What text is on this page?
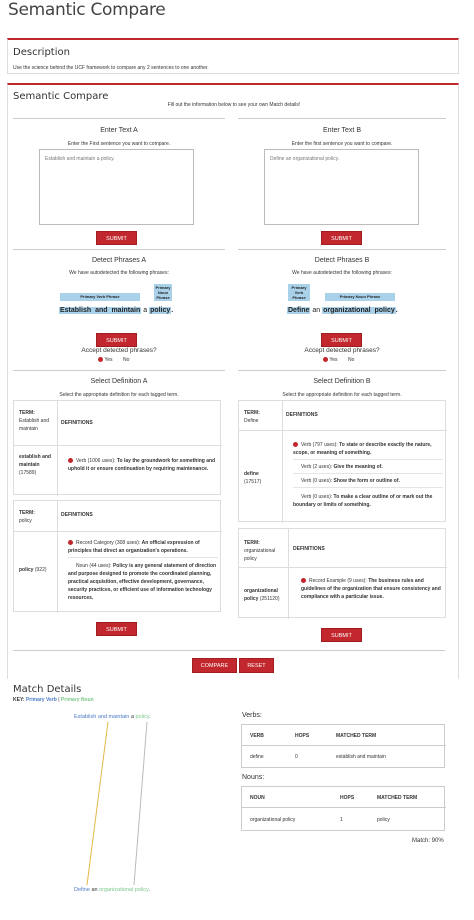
Semantic Compare
Description
Use the science behind the UCF framework to compare any 2 sentences to one another.
Semantic Compare
Fill out the information below to see your own Match details!
Enter Text A
Enter the First sentence you want to compare.
Establish and maintain a policy.
SUBMIT
Enter Text B
Enter the first sentence you want to compare.
Define an organizational policy.
SUBMIT
Detect Phrases A
We have autodetected the following phrases:
Primary Verb Phrase
Primary Noun Phrase
Establish and maintain a policy.
SUBMIT
Accept detected phrases?
Yes No
Detect Phrases B
We have autodetected the following phrases:
Primary Verb Phrase	Primary Noun Phrase
Define an organizational policy.
SUBMIT
Accept detected phrases?
Yes No
Select Definition A
Select the appropriate definition for each tagged term.
TERM:
Establish and maintain
DEFINITIONS
establish and maintain
(17589)
Verb (1006 uses): To lay the groundwork for something and uphold it or ensure continuation by requiring maintenance.
TERM:
policy
DEFINITIONS
policy (922)
Record Category (308 uses): An official expression of principles that direct an organization's operations.
Noun (44 uses): Policy is any general statement of direction and purpose designed to promote the coordinated planning, practical acquisition, effective development, governance, security practices, or efficient use of information technology resources.
SUBMIT
Select Definition B
Select the appropriate definition for each tagged term.
TERM:
Define
DEFINITIONS
define
(17517)
Verb (797 uses): To state or describe exactly the nature, scope, or meaning of something.
Verb (2 uses): Give the meaning of.
Verb (0 uses): Show the form or outline of.
Verb (0 uses): To make a clear outline of or mark out the boundary or limits of something.
TERM:
organizational policy
DEFINITIONS
organizational policy (251120)
Record Example (9 uses): The business rules and guidelines of the organization that ensure consistency and compliance with a particular issue.
SUBMIT
COMPARE	RESET
Match Details
KEY: Primary Verb | Primary Noun
Establish and maintain a policy.
Define an organizational policy.
Verbs:
VERB	HOPS	MATCHED TERM
define	0	establish and maintain
Nouns:
NOUN	HOPS	MATCHED TERM
organizational policy	1	policy
Match: 90%
